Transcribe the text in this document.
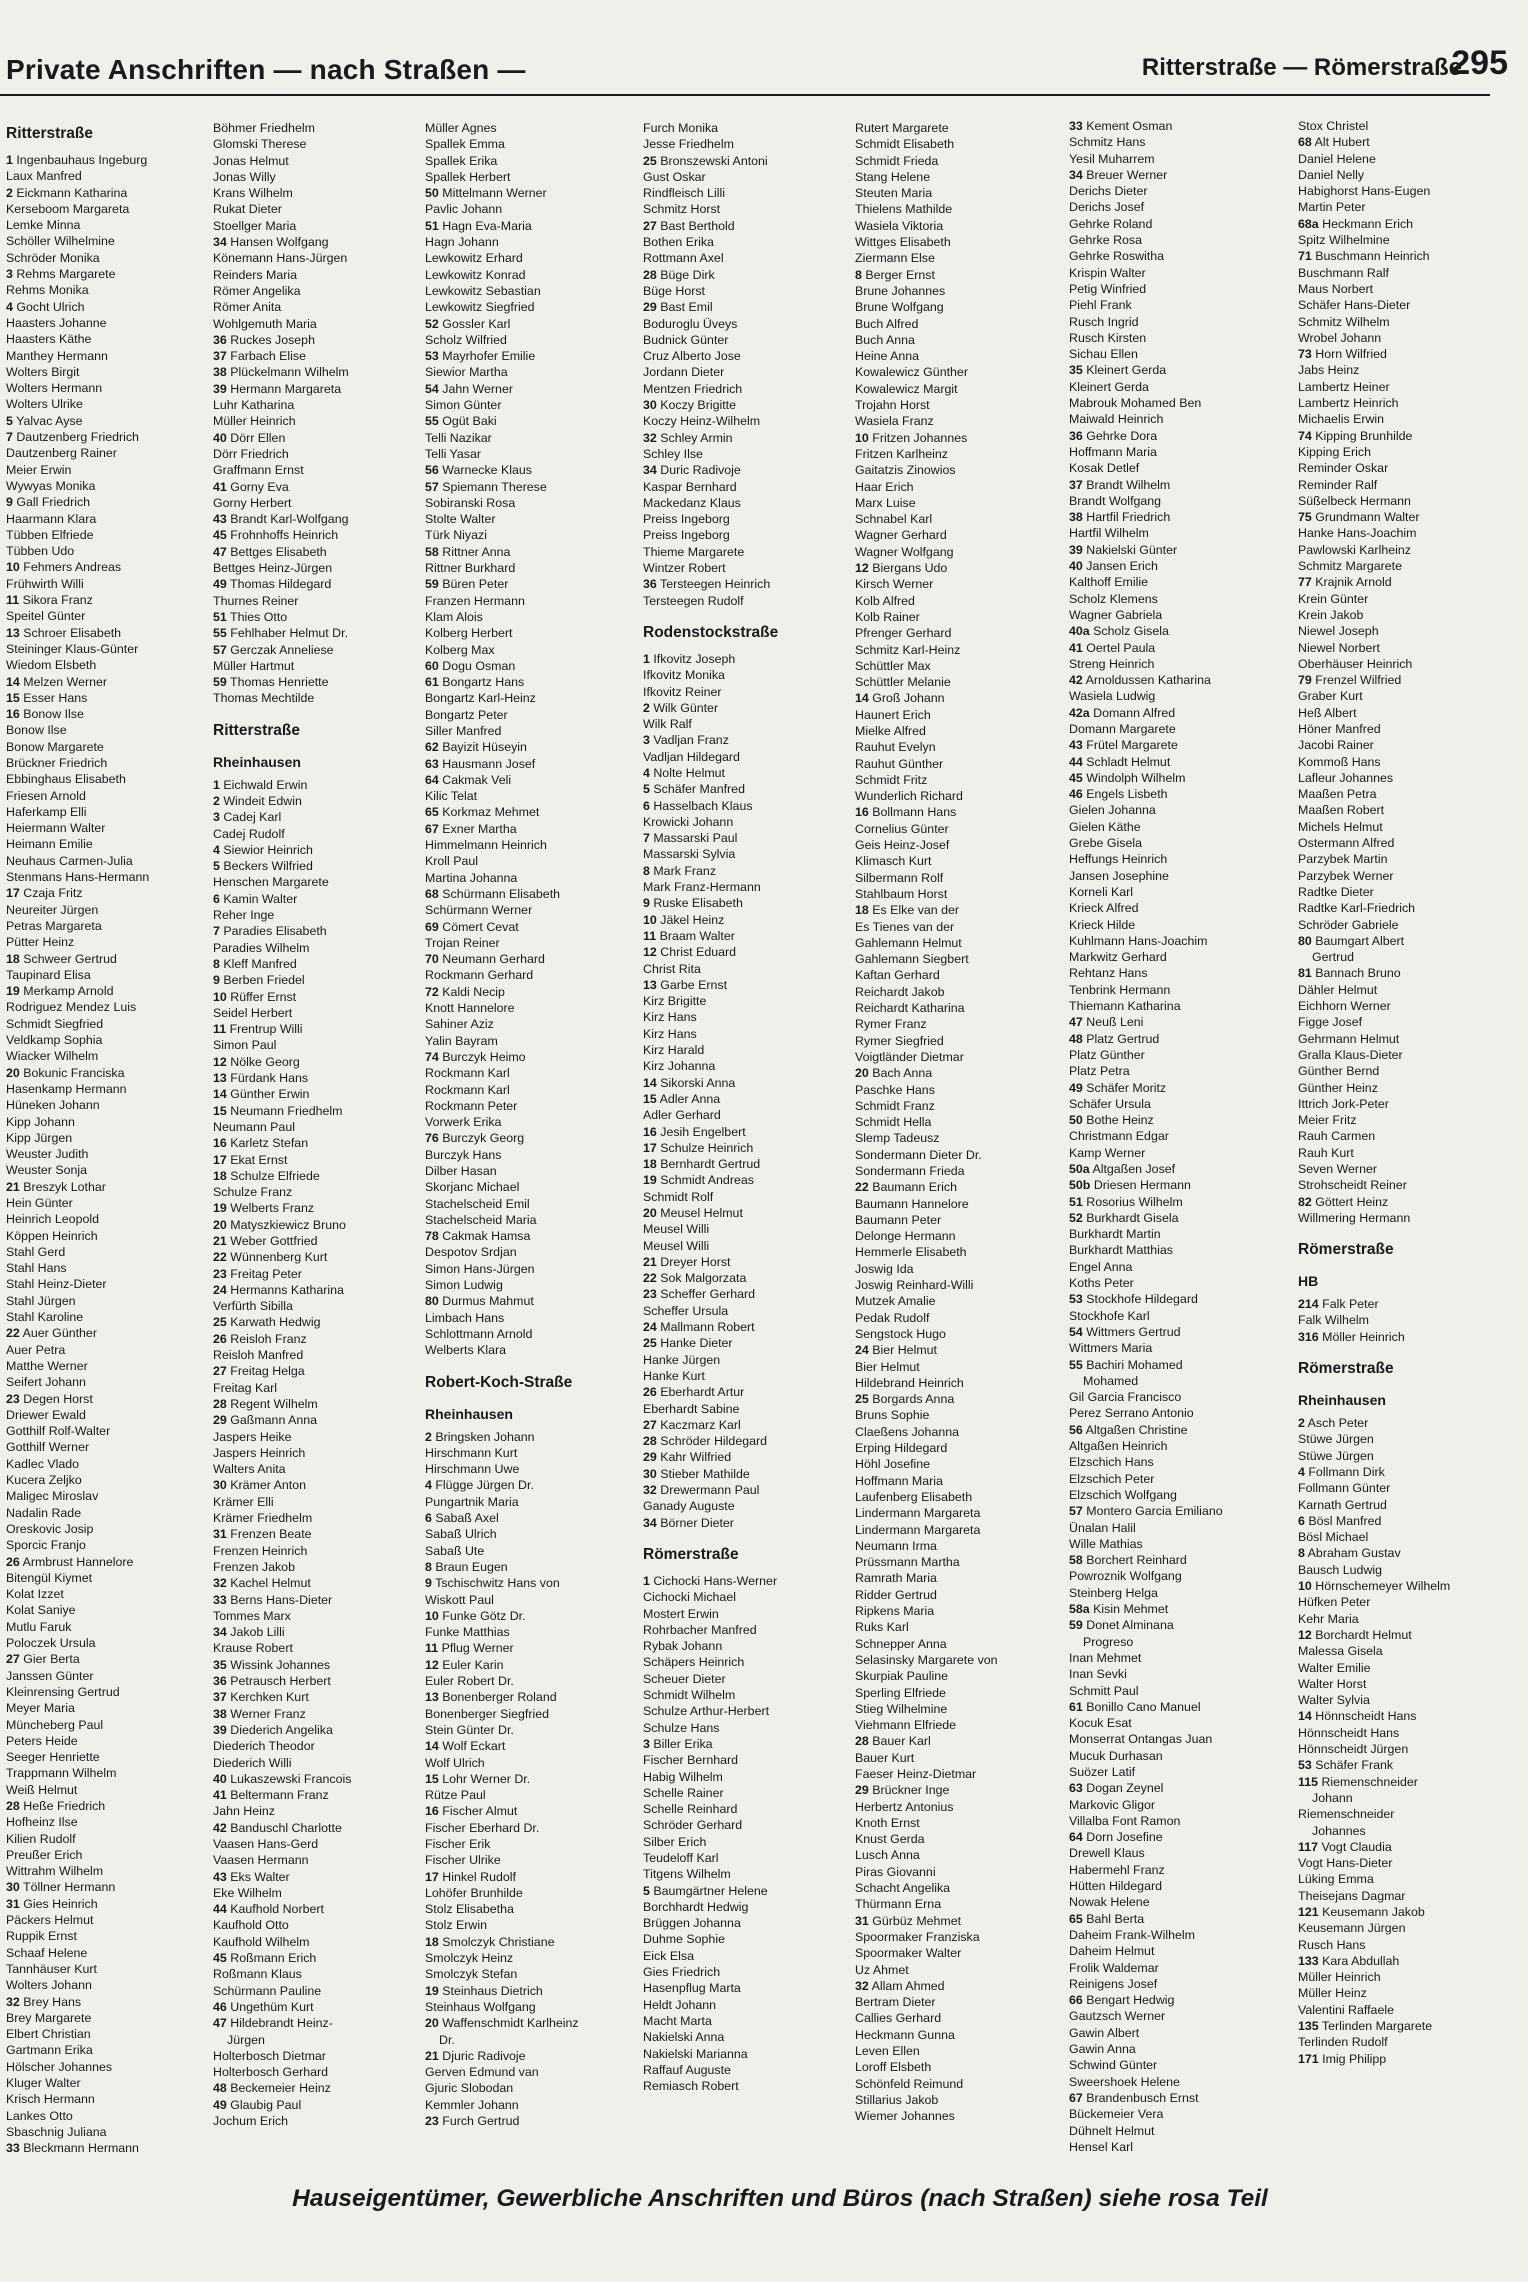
Private Anschriften — nach Straßen —	Ritterstraße — Römerstraße
295
Ritterstraße
1 Ingenbauhaus Ingeburg
Laux Manfred
2 Eickmann Katharina
Kerseboom Margareta
Lemke Minna
Schöller Wilhelmine
Schröder Monika
3 Rehms Margarete
Rehms Monika
4 Gocht Ulrich
Haasters Johanne
Haasters Käthe
Manthey Hermann
Wolters Birgit
Wolters Hermann
Wolters Ulrike
5 Yalvac Ayse
7 Dautzenberg Friedrich
Dautzenberg Rainer
Meier Erwin
Wywyas Monika
9 Gall Friedrich
Haarmann Klara
Tübben Elfriede
Tübben Udo
10 Fehmers Andreas
Frühwirth Willi
11 Sikora Franz
Speitel Günter
13 Schroer Elisabeth
Steininger Klaus-Günter
Wiedom Elsbeth
14 Melzen Werner
15 Esser Hans
16 Bonow Ilse
Bonow Ilse
Bonow Margarete
Brückner Friedrich
Ebbinghaus Elisabeth
Friesen Arnold
Haferkamp Elli
Heiermann Walter
Heimann Emilie
Neuhaus Carmen-Julia
Stenmans Hans-Hermann
17 Czaja Fritz
Neureiter Jürgen
Petras Margareta
Pütter Heinz
18 Schweer Gertrud
Taupinard Elisa
19 Merkamp Arnold
Rodriguez Mendez Luis
Schmidt Siegfried
Veldkamp Sophia
Wiacker Wilhelm
20 Bokunic Franciska
Hasenkamp Hermann
Hüneken Johann
Kipp Johann
Kipp Jürgen
Weuster Judith
Weuster Sonja
21 Breszyk Lothar
Hein Günter
Heinrich Leopold
Köppen Heinrich
Stahl Gerd
Stahl Hans
Stahl Heinz-Dieter
Stahl Jürgen
Stahl Karoline
22 Auer Günther
Auer Petra
Matthe Werner
Seifert Johann
23 Degen Horst
Driewer Ewald
Gotthilf Rolf-Walter
Gotthilf Werner
Kadlec Vlado
Kucera Zeljko
Maligec Miroslav
Nadalin Rade
Oreskovic Josip
Sporcic Franjo
26 Armbrust Hannelore
Bitengül Kiymet
Kolat Izzet
Kolat Saniye
Mutlu Faruk
Poloczek Ursula
27 Gier Berta
Janssen Günter
Kleinrensing Gertrud
Meyer Maria
Müncheberg Paul
Peters Heide
Seeger Henriette
Trappmann Wilhelm
Weiß Helmut
28 Heße Friedrich
Hofheinz Ilse
Kilien Rudolf
Preußer Erich
Wittrahm Wilhelm
30 Töllner Hermann
31 Gies Heinrich
Päckers Helmut
Ruppik Ernst
Schaaf Helene
Tannhäuser Kurt
Wolters Johann
32 Brey Hans
Brey Margarete
Elbert Christian
Gartmann Erika
Hölscher Johannes
Kluger Walter
Krisch Hermann
Lankes Otto
Sbaschnig Juliana
33 Bleckmann Hermann
Böhmer Friedhelm
Glomski Therese
Jonas Helmut
Jonas Willy
Krans Wilhelm
Rukat Dieter
Stoellger Maria
34 Hansen Wolfgang
Könemann Hans-Jürgen
Reinders Maria
Römer Angelika
Römer Anita
Wohlgemuth Maria
36 Ruckes Joseph
37 Farbach Elise
38 Plückelmann Wilhelm
39 Hermann Margareta
Luhr Katharina
Müller Heinrich
40 Dörr Ellen
Dörr Friedrich
Graffmann Ernst
41 Gorny Eva
Gorny Herbert
43 Brandt Karl-Wolfgang
45 Frohnhoffs Heinrich
47 Bettges Elisabeth
Bettges Heinz-Jürgen
49 Thomas Hildegard
Thurnes Reiner
51 Thies Otto
55 Fehlhaber Helmut Dr.
57 Gerczak Anneliese
Müller Hartmut
59 Thomas Henriette
Thomas Mechtilde
Ritterstraße
Rheinhausen
1 Eichwald Erwin
2 Windeit Edwin
3 Cadej Karl
Cadej Rudolf
4 Siewior Heinrich
5 Beckers Wilfried
Henschen Margarete
6 Kamin Walter
Reher Inge
7 Paradies Elisabeth
Paradies Wilhelm
8 Kleff Manfred
9 Berben Friedel
10 Rüffer Ernst
Seidel Herbert
11 Frentrup Willi
Simon Paul
12 Nölke Georg
13 Fürdank Hans
14 Günther Erwin
15 Neumann Friedhelm
Neumann Paul
16 Karletz Stefan
17 Ekat Ernst
18 Schulze Elfriede
Schulze Franz
19 Welberts Franz
20 Matyszkiewicz Bruno
21 Weber Gottfried
22 Wünnenberg Kurt
23 Freitag Peter
24 Hermanns Katharina
Verfürth Sibilla
25 Karwath Hedwig
26 Reisloh Franz
Reisloh Manfred
27 Freitag Helga
Freitag Karl
28 Regent Wilhelm
29 Gaßmann Anna
Jaspers Heike
Jaspers Heinrich
Walters Anita
30 Krämer Anton
Krämer Elli
Krämer Friedhelm
31 Frenzen Beate
Frenzen Heinrich
Frenzen Jakob
32 Kachel Helmut
33 Berns Hans-Dieter
Tommes Marx
34 Jakob Lilli
Krause Robert
35 Wissink Johannes
36 Petrausch Herbert
37 Kerchken Kurt
38 Werner Franz
39 Diederich Angelika
Diederich Theodor
Diederich Willi
40 Lukaszewski Francois
41 Beltermann Franz
Jahn Heinz
42 Banduschl Charlotte
Vaasen Hans-Gerd
Vaasen Hermann
43 Eks Walter
Eke Wilhelm
44 Kaufhold Norbert
Kaufhold Otto
Kaufhold Wilhelm
45 Roßmann Erich
Roßmann Klaus
Schürmann Pauline
46 Ungethüm Kurt
47 Hildebrandt Heinz-
Jürgen
Holterbosch Dietmar
Holterbosch Gerhard
48 Beckemeier Heinz
49 Glaubig Paul
Jochum Erich
Müller Agnes
Spallek Emma
Spallek Erika
Spallek Herbert
50 Mittelmann Werner
Pavlic Johann
51 Hagn Eva-Maria
Hagn Johann
Lewkowitz Erhard
Lewkowitz Konrad
Lewkowitz Sebastian
Lewkowitz Siegfried
52 Gossler Karl
Scholz Wilfried
53 Mayrhofer Emilie
Siewior Martha
54 Jahn Werner
Simon Günter
55 Ogüt Baki
Telli Nazikar
Telli Yasar
56 Warnecke Klaus
57 Spiemann Therese
Sobiranski Rosa
Stolte Walter
Türk Niyazi
58 Rittner Anna
Rittner Burkhard
59 Büren Peter
Franzen Hermann
Klam Alois
Kolberg Herbert
Kolberg Max
60 Dogu Osman
61 Bongartz Hans
Bongartz Karl-Heinz
Bongartz Peter
Siller Manfred
62 Bayizit Hüseyin
63 Hausmann Josef
64 Cakmak Veli
Kilic Telat
65 Korkmaz Mehmet
67 Exner Martha
Himmelmann Heinrich
Kroll Paul
Martina Johanna
68 Schürmann Elisabeth
Schürmann Werner
69 Cömert Cevat
Trojan Reiner
70 Neumann Gerhard
Rockmann Gerhard
72 Kaldi Necip
Knott Hannelore
Sahiner Aziz
Yalin Bayram
74 Burczyk Heimo
Rockmann Karl
Rockmann Karl
Rockmann Peter
Vorwerk Erika
76 Burczyk Georg
Burczyk Hans
Dilber Hasan
Skorjanc Michael
Stachelscheid Emil
Stachelscheid Maria
78 Cakmak Hamsa
Despotov Srdjan
Simon Hans-Jürgen
Simon Ludwig
80 Durmus Mahmut
Limbach Hans
Schlottmann Arnold
Welberts Klara
Robert-Koch-Straße
Rheinhausen
2 Bringsken Johann
Hirschmann Kurt
Hirschmann Uwe
4 Flügge Jürgen Dr.
Pungartnik Maria
6 Sabaß Axel
Sabaß Ulrich
Sabaß Ute
8 Braun Eugen
9 Tschischwitz Hans von
Wiskott Paul
10 Funke Götz Dr.
Funke Matthias
11 Pflug Werner
12 Euler Karin
Euler Robert Dr.
13 Bonenberger Roland
Bonenberger Siegfried
Stein Günter Dr.
14 Wolf Eckart
Wolf Ulrich
15 Lohr Werner Dr.
Rütze Paul
16 Fischer Almut
Fischer Eberhard Dr.
Fischer Erik
Fischer Ulrike
17 Hinkel Rudolf
Lohöfer Brunhilde
Stolz Elisabetha
Stolz Erwin
18 Smolczyk Christiane
Smolczyk Heinz
Smolczyk Stefan
19 Steinhaus Dietrich
Steinhaus Wolfgang
20 Waffenschmidt Karlheinz
Dr.
21 Djuric Radivoje
Gerven Edmund van
Gjuric Slobodan
Kemmler Johann
23 Furch Gertrud
Furch Monika
Jesse Friedhelm
25 Bronszewski Antoni
Gust Oskar
Rindfleisch Lilli
Schmitz Horst
27 Bast Berthold
Bothen Erika
Rottmann Axel
28 Büge Dirk
Büge Horst
29 Bast Emil
Boduroglu Üveys
Budnick Günter
Cruz Alberto Jose
Jordann Dieter
Mentzen Friedrich
30 Koczy Brigitte
Koczy Heinz-Wilhelm
32 Schley Armin
Schley Ilse
34 Duric Radivoje
Kaspar Bernhard
Mackedanz Klaus
Preiss Ingeborg
Preiss Ingeborg
Thieme Margarete
Wintzer Robert
36 Tersteegen Heinrich
Tersteegen Rudolf
Rodenstockstraße
1 Ifkovitz Joseph
Ifkovitz Monika
Ifkovitz Reiner
2 Wilk Günter
Wilk Ralf
3 Vadljan Franz
Vadljan Hildegard
4 Nolte Helmut
5 Schäfer Manfred
6 Hasselbach Klaus
Krowicki Johann
7 Massarski Paul
Massarski Sylvia
8 Mark Franz
Mark Franz-Hermann
9 Ruske Elisabeth
10 Jäkel Heinz
11 Braam Walter
12 Christ Eduard
Christ Rita
13 Garbe Ernst
Kirz Brigitte
Kirz Hans
Kirz Hans
Kirz Harald
Kirz Johanna
14 Sikorski Anna
15 Adler Anna
Adler Gerhard
16 Jesih Engelbert
17 Schulze Heinrich
18 Bernhardt Gertrud
19 Schmidt Andreas
Schmidt Rolf
20 Meusel Helmut
Meusel Willi
Meusel Willi
21 Dreyer Horst
22 Sok Malgorzata
23 Scheffer Gerhard
Scheffer Ursula
24 Mallmann Robert
25 Hanke Dieter
Hanke Jürgen
Hanke Kurt
26 Eberhardt Artur
Eberhardt Sabine
27 Kaczmarz Karl
28 Schröder Hildegard
29 Kahr Wilfried
30 Stieber Mathilde
32 Drewermann Paul
Ganady Auguste
34 Börner Dieter
Römerstraße
1 Cichocki Hans-Werner
Cichocki Michael
Mostert Erwin
Rohrbacher Manfred
Rybak Johann
Schäpers Heinrich
Scheuer Dieter
Schmidt Wilhelm
Schulze Arthur-Herbert
Schulze Hans
3 Biller Erika
Fischer Bernhard
Habig Wilhelm
Schelle Rainer
Schelle Reinhard
Schröder Gerhard
Silber Erich
Teudeloff Karl
Titgens Wilhelm
5 Baumgärtner Helene
Borchhardt Hedwig
Brüggen Johanna
Duhme Sophie
Eick Elsa
Gies Friedrich
Hasenpflug Marta
Heldt Johann
Macht Marta
Nakielski Anna
Nakielski Marianna
Raffauf Auguste
Remiasch Robert
Rutert Margarete
Schmidt Elisabeth
Schmidt Frieda
Stang Helene
Steuten Maria
Thielens Mathilde
Wasiela Viktoria
Wittges Elisabeth
Ziermann Else
8 Berger Ernst
Brune Johannes
Brune Wolfgang
Buch Alfred
Buch Anna
Heine Anna
Kowalewicz Günther
Kowalewicz Margit
Trojahn Horst
Wasiela Franz
10 Fritzen Johannes
Fritzen Karlheinz
Gaitatzis Zinowios
Haar Erich
Marx Luise
Schnabel Karl
Wagner Gerhard
Wagner Wolfgang
12 Biergans Udo
Kirsch Werner
Kolb Alfred
Kolb Rainer
Pfrenger Gerhard
Schmitz Karl-Heinz
Schüttler Max
Schüttler Melanie
14 Groß Johann
Haunert Erich
Mielke Alfred
Rauhut Evelyn
Rauhut Günther
Schmidt Fritz
Wunderlich Richard
16 Bollmann Hans
Cornelius Günter
Geis Heinz-Josef
Klimasch Kurt
Silbermann Rolf
Stahlbaum Horst
18 Es Elke van der
Es Tienes van der
Gahlemann Helmut
Gahlemann Siegbert
Kaftan Gerhard
Reichardt Jakob
Reichardt Katharina
Rymer Franz
Rymer Siegfried
Voigtländer Dietmar
20 Bach Anna
Paschke Hans
Schmidt Franz
Schmidt Hella
Slemp Tadeusz
Sondermann Dieter Dr.
Sondermann Frieda
22 Baumann Erich
Baumann Hannelore
Baumann Peter
Delonge Hermann
Hemmerle Elisabeth
Joswig Ida
Joswig Reinhard-Willi
Mutzek Amalie
Pedak Rudolf
Sengstock Hugo
24 Bier Helmut
Bier Helmut
Hildebrand Heinrich
25 Borgards Anna
Bruns Sophie
Claeßens Johanna
Erping Hildegard
Höhl Josefine
Hoffmann Maria
Laufenberg Elisabeth
Lindermann Margareta
Lindermann Margareta
Neumann Irma
Prüssmann Martha
Ramrath Maria
Ridder Gertrud
Ripkens Maria
Ruks Karl
Schnepper Anna
Selasinsky Margarete von
Skurpiak Pauline
Sperling Elfriede
Stieg Wilhelmine
Viehmann Elfriede
28 Bauer Karl
Bauer Kurt
Faeser Heinz-Dietmar
29 Brückner Inge
Herbertz Antonius
Knoth Ernst
Knust Gerda
Lusch Anna
Piras Giovanni
Schacht Angelika
Thürmann Erna
31 Gürbüz Mehmet
Spoormaker Franziska
Spoormaker Walter
Uz Ahmet
32 Allam Ahmed
Bertram Dieter
Callies Gerhard
Heckmann Gunna
Leven Ellen
Loroff Elsbeth
Schönfeld Reimund
Stillarius Jakob
Wiemer Johannes
33 Kement Osman
Schmitz Hans
Yesil Muharrem
34 Breuer Werner
Derichs Dieter
Derichs Josef
Gehrke Roland
Gehrke Rosa
Gehrke Roswitha
Krispin Walter
Petig Winfried
Piehl Frank
Rusch Ingrid
Rusch Kirsten
Sichau Ellen
35 Kleinert Gerda
Kleinert Gerda
Mabrouk Mohamed Ben
Maiwald Heinrich
36 Gehrke Dora
Hoffmann Maria
Kosak Detlef
37 Brandt Wilhelm
Brandt Wolfgang
38 Hartfil Friedrich
Hartfil Wilhelm
39 Nakielski Günter
40 Jansen Erich
Kalthoff Emilie
Scholz Klemens
Wagner Gabriela
40a Scholz Gisela
41 Oertel Paula
Streng Heinrich
42 Arnoldussen Katharina
Wasiela Ludwig
42a Domann Alfred
Domann Margarete
43 Frütel Margarete
44 Schladt Helmut
45 Windolph Wilhelm
46 Engels Lisbeth
Gielen Johanna
Gielen Käthe
Grebe Gisela
Heffungs Heinrich
Jansen Josephine
Korneli Karl
Krieck Alfred
Krieck Hilde
Kuhlmann Hans-Joachim
Markwitz Gerhard
Rehtanz Hans
Tenbrink Hermann
Thiemann Katharina
47 Neuß Leni
48 Platz Gertrud
Platz Günther
Platz Petra
49 Schäfer Moritz
Schäfer Ursula
50 Bothe Heinz
Christmann Edgar
Kamp Werner
50a Altgaßen Josef
50b Driesen Hermann
51 Rosorius Wilhelm
52 Burkhardt Gisela
Burkhardt Martin
Burkhardt Matthias
Engel Anna
Koths Peter
53 Stockhofe Hildegard
Stockhofe Karl
54 Wittmers Gertrud
Wittmers Maria
55 Bachiri Mohamed
Mohamed
Gil Garcia Francisco
Perez Serrano Antonio
56 Altgaßen Christine
Altgaßen Heinrich
Elzschich Hans
Elzschich Peter
Elzschich Wolfgang
57 Montero Garcia Emiliano
Ünalan Halil
Wille Mathias
58 Borchert Reinhard
Powroznik Wolfgang
Steinberg Helga
58a Kisin Mehmet
59 Donet Alminana
Progreso
Inan Mehmet
Inan Sevki
Schmitt Paul
61 Bonillo Cano Manuel
Kocuk Esat
Monserrat Ontangas Juan
Mucuk Durhasan
Suözer Latif
63 Dogan Zeynel
Markovic Gligor
Villalba Font Ramon
64 Dorn Josefine
Drewell Klaus
Habermehl Franz
Hütten Hildegard
Nowak Helene
65 Bahl Berta
Daheim Frank-Wilhelm
Daheim Helmut
Frolik Waldemar
Reinigens Josef
66 Bengart Hedwig
Gautzsch Werner
Gawin Albert
Gawin Anna
Schwind Günter
Sweershoek Helene
67 Brandenbusch Ernst
Bückemeier Vera
Dühnelt Helmut
Hensel Karl
Stox Christel
68 Alt Hubert
Daniel Helene
Daniel Nelly
Habighorst Hans-Eugen
Martin Peter
68a Heckmann Erich
Spitz Wilhelmine
71 Buschmann Heinrich
Buschmann Ralf
Maus Norbert
Schäfer Hans-Dieter
Schmitz Wilhelm
Wrobel Johann
73 Horn Wilfried
Jabs Heinz
Lambertz Heiner
Lambertz Heinrich
Michaelis Erwin
74 Kipping Brunhilde
Kipping Erich
Reminder Oskar
Reminder Ralf
Süßelbeck Hermann
75 Grundmann Walter
Hanke Hans-Joachim
Pawlowski Karlheinz
Schmitz Margarete
77 Krajnik Arnold
Krein Günter
Krein Jakob
Niewel Joseph
Niewel Norbert
Oberhäuser Heinrich
79 Frenzel Wilfried
Graber Kurt
Heß Albert
Höner Manfred
Jacobi Rainer
Kommoß Hans
Lafleur Johannes
Maaßen Petra
Maaßen Robert
Michels Helmut
Ostermann Alfred
Parzybek Martin
Parzybek Werner
Radtke Dieter
Radtke Karl-Friedrich
Schröder Gabriele
80 Baumgart Albert
Gertrud
81 Bannach Bruno
Dähler Helmut
Eichhorn Werner
Figge Josef
Gehrmann Helmut
Gralla Klaus-Dieter
Günther Bernd
Günther Heinz
Ittrich Jork-Peter
Meier Fritz
Rauh Carmen
Rauh Kurt
Seven Werner
Strohscheidt Reiner
82 Göttert Heinz
Willmering Hermann
Römerstraße
HB
214 Falk Peter
Falk Wilhelm
316 Möller Heinrich
Römerstraße
Rheinhausen
2 Asch Peter
Stüwe Jürgen
Stüwe Jürgen
4 Follmann Dirk
Follmann Günter
Karnath Gertrud
6 Bösl Manfred
Bösl Michael
8 Abraham Gustav
Bausch Ludwig
10 Hörnschemeyer Wilhelm
Hüfken Peter
Kehr Maria
12 Borchardt Helmut
Malessa Gisela
Walter Emilie
Walter Horst
Walter Sylvia
14 Hönnscheidt Hans
Hönnscheidt Hans
Hönnscheidt Jürgen
53 Schäfer Frank
115 Riemenschneider
Johann
Riemenschneider
Johannes
117 Vogt Claudia
Vogt Hans-Dieter
Lüking Emma
Theisejans Dagmar
121 Keusemann Jakob
Keusemann Jürgen
Rusch Hans
133 Kara Abdullah
Müller Heinrich
Müller Heinz
Valentini Raffaele
135 Terlinden Margarete
Terlinden Rudolf
171 Imig Philipp
Hauseigentümer, Gewerbliche Anschriften und Büros (nach Straßen) siehe rosa Teil
